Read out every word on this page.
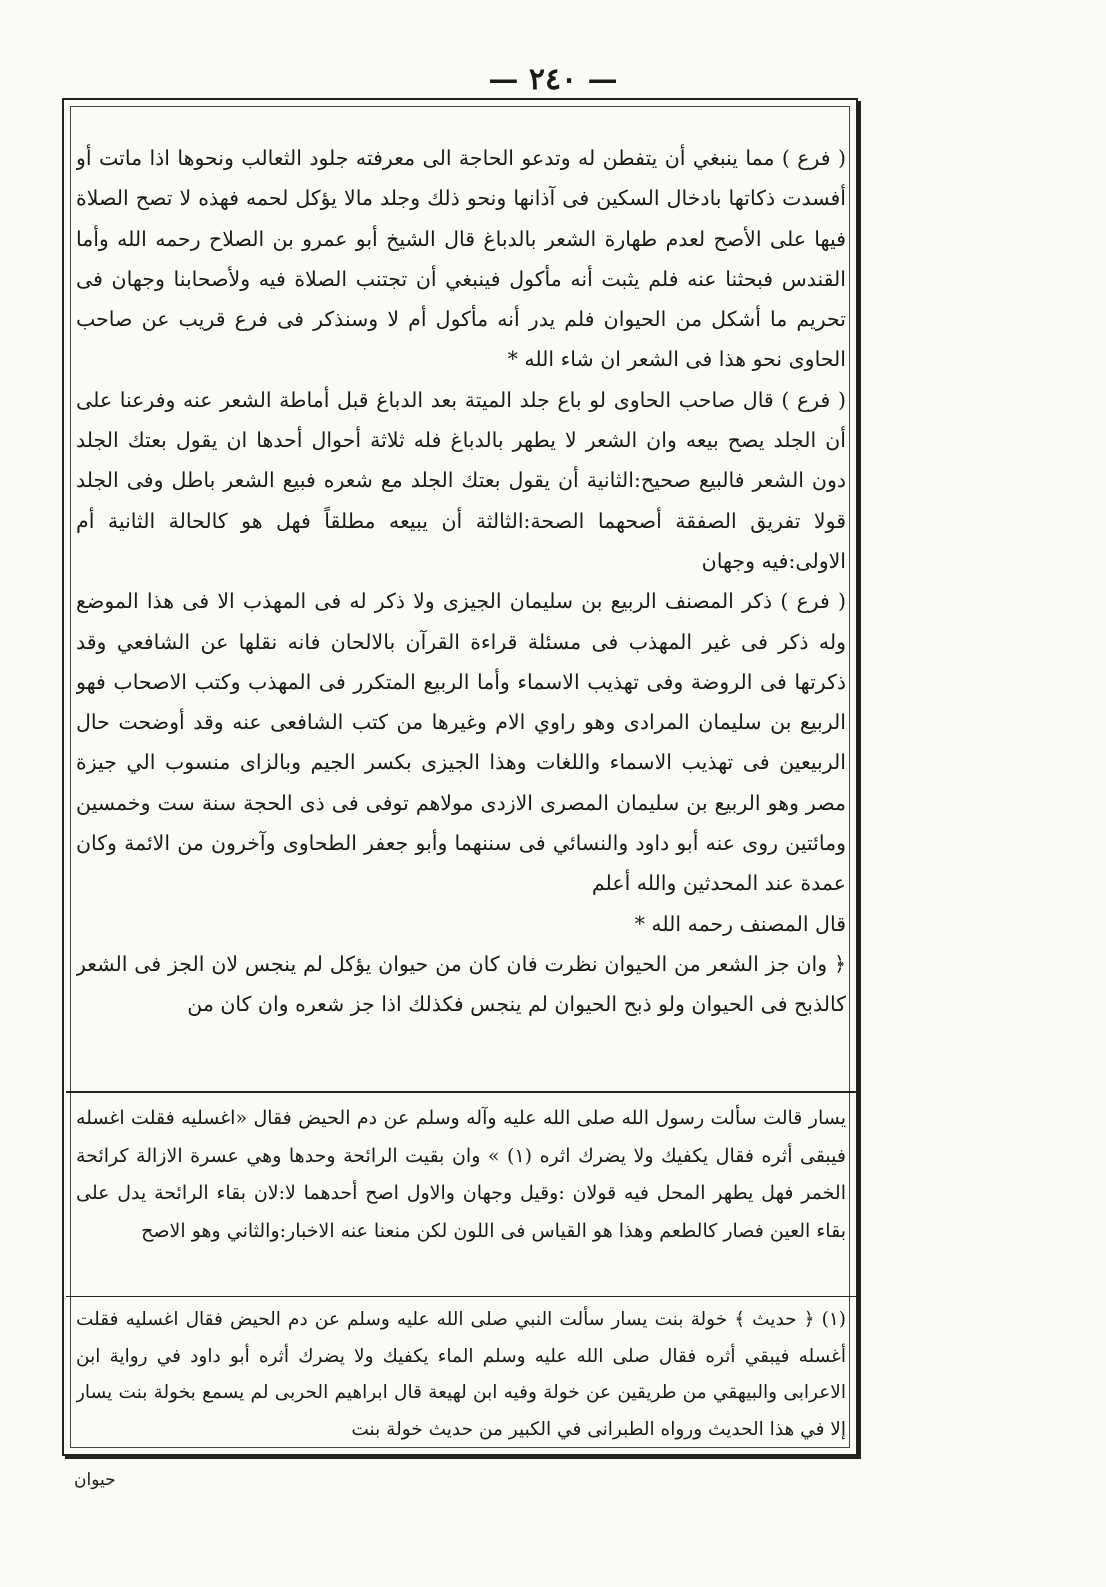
— ٢٤٠ —

( فرع ) مما ينبغي أن يتفطن له وتدعو الحاجة الى معرفته جلود الثعالب ونحوها اذا ماتت أو أفسدت ذكاتها بادخال السكين فى آذانها ونحو ذلك وجلد مالا يؤكل لحمه فهذه لا تصح الصلاة فيها على الأصح لعدم طهارة الشعر بالدباغ قال الشيخ أبو عمرو بن الصلاح رحمه الله وأما القندس فبحثنا عنه فلم يثبت أنه مأكول فينبغي أن تجتنب الصلاة فيه ولأصحابنا وجهان فى تحريم ما أشكل من الحيوان فلم يدر أنه مأكول أم لا وسنذكر فى فرع قريب عن صاحب الحاوى نحو هذا فى الشعر ان شاء الله *

( فرع ) قال صاحب الحاوى لو باع جلد الميتة بعد الدباغ قبل أماطة الشعر عنه وفرعنا على أن الجلد يصح بيعه وان الشعر لا يطهر بالدباغ فله ثلاثة أحوال أحدها ان يقول بعتك الجلد دون الشعر فالبيع صحيح:الثانية أن يقول بعتك الجلد مع شعره فبيع الشعر باطل وفى الجلد قولا تفريق الصفقة أصحهما الصحة:الثالثة أن يبيعه مطلقاً فهل هو كالحالة الثانية أم الاولى:فيه وجهان

( فرع ) ذكر المصنف الربيع بن سليمان الجيزى ولا ذكر له فى المهذب الا فى هذا الموضع وله ذكر فى غير المهذب فى مسئلة قراءة القرآن بالالحان فانه نقلها عن الشافعي وقد ذكرتها فى الروضة وفى تهذيب الاسماء وأما الربيع المتكرر فى المهذب وكتب الاصحاب فهو الربيع بن سليمان المرادى وهو راوي الام وغيرها من كتب الشافعى عنه وقد أوضحت حال الربيعين فى تهذيب الاسماء واللغات وهذا الجيزى بكسر الجيم وبالزاى منسوب الي جيزة مصر وهو الربيع بن سليمان المصرى الازدى مولاهم توفى فى ذى الحجة سنة ست وخمسين ومائتين روى عنه أبو داود والنسائي فى سننهما وأبو جعفر الطحاوى وآخرون من الائمة وكان عمدة عند المحدثين والله أعلم

قال المصنف رحمه الله *

﴿ وان جز الشعر من الحيوان نظرت فان كان من حيوان يؤكل لم ينجس لان الجز فى الشعر كالذبح فى الحيوان ولو ذبح الحيوان لم ينجس فكذلك اذا جز شعره وان كان من

يسار قالت سألت رسول الله صلى الله عليه وآله وسلم عن دم الحيض فقال «اغسليه فقلت اغسله فيبقى أثره فقال يكفيك ولا يضرك اثره (١) » وان بقيت الرائحة وحدها وهي عسرة الازالة كرائحة الخمر فهل يطهر المحل فيه قولان :وقيل وجهان والاول اصح أحدهما لا:لان بقاء الرائحة يدل على بقاء العين فصار كالطعم وهذا هو القياس فى اللون لكن منعنا عنه الاخبار:والثاني وهو الاصح

(١) ﴿ حديث ﴾ خولة بنت يسار سألت النبي صلى الله عليه وسلم عن دم الحيض فقال اغسليه فقلت أغسله فيبقي أثره فقال صلى الله عليه وسلم الماء يكفيك ولا يضرك أثره أبو داود في رواية ابن الاعرابى والبيهقي من طريقين عن خولة وفيه ابن لهيعة قال ابراهيم الحربى لم يسمع بخولة بنت يسار إلا في هذا الحديث ورواه الطبرانى في الكبير من حديث خولة بنت

حيوان
